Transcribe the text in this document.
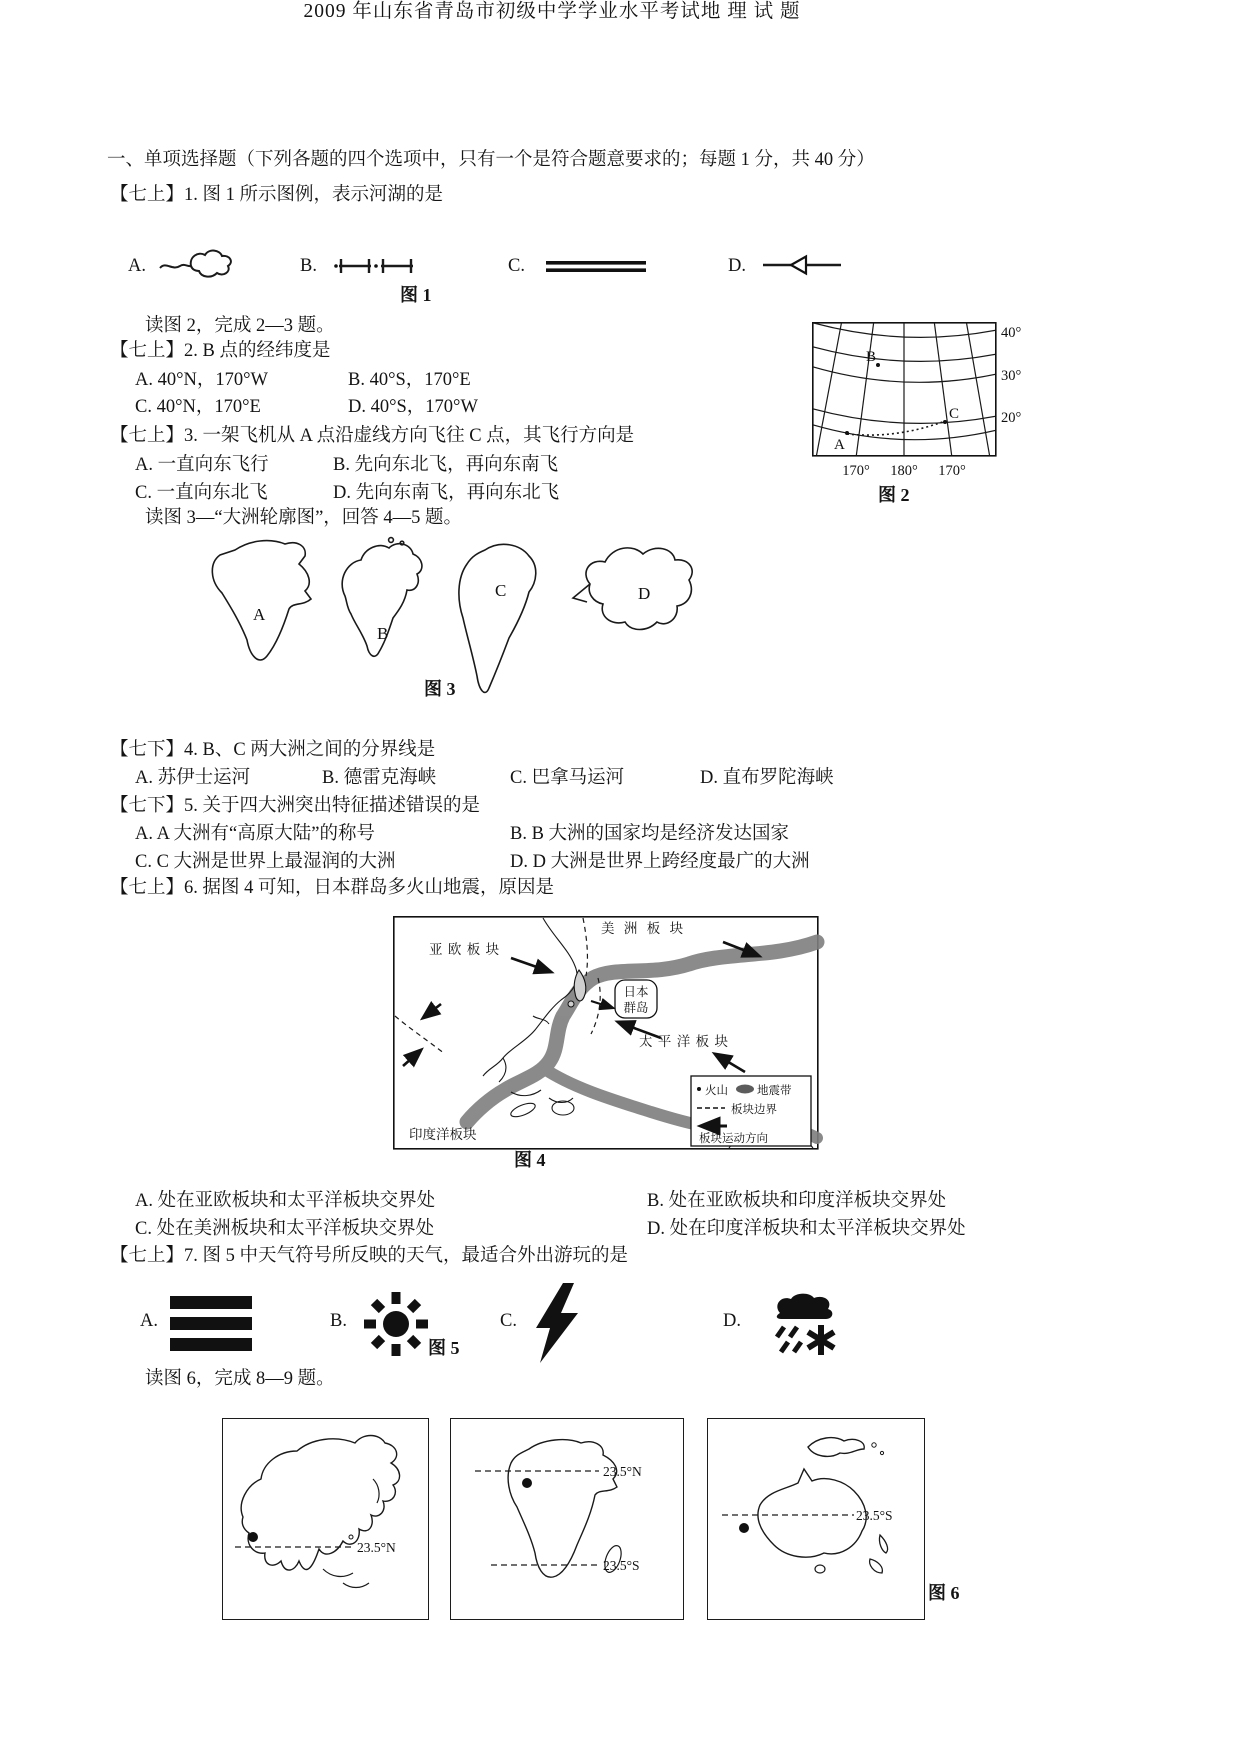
2009 年山东省青岛市初级中学学业水平考试地 理 试 题
一、单项选择题（下列各题的四个选项中，只有一个是符合题意要求的；每题 1 分，共 40 分）
【七上】1. 图 1 所示图例，表示河湖的是
A.	B.	C.	D.
图 1
读图 2，完成 2—3 题。
【七上】2. B 点的经纬度是
A. 40°N，170°W	B. 40°S，170°E
C. 40°N，170°E	D. 40°S，170°W
【七上】3. 一架飞机从 A 点沿虚线方向飞往 C 点，其飞行方向是
A. 一直向东飞行	B. 先向东北飞，再向东南飞
C. 一直向东北飞	D. 先向东南飞，再向东北飞
B
A
C
40°
30°
20°
170° 180° 170°
图 2
读图 3—“大洲轮廓图”，回答 4—5 题。
A
B
C	D
图 3
【七下】4. B、C 两大洲之间的分界线是
A. 苏伊士运河	B. 德雷克海峡	C. 巴拿马运河	D. 直布罗陀海峡
【七下】5. 关于四大洲突出特征描述错误的是
A. A 大洲有“高原大陆”的称号	B. B 大洲的国家均是经济发达国家
C. C 大洲是世界上最湿润的大洲	D. D 大洲是世界上跨经度最广的大洲
【七上】6. 据图 4 可知，日本群岛多火山地震，原因是
日本
群岛
亚 欧 板 块
美 洲 板 块
太 平 洋 板 块
印度洋板块
火山	地震带
板块边界
板块运动方向
图 4
A. 处在亚欧板块和太平洋板块交界处	B. 处在亚欧板块和印度洋板块交界处
C. 处在美洲板块和太平洋板块交界处	D. 处在印度洋板块和太平洋板块交界处
【七上】7. 图 5 中天气符号所反映的天气，最适合外出游玩的是
A.	B.
图 5
C.	D.
读图 6，完成 8—9 题。
23.5°N
23.5°N
23.5°S
23.5°S
图 6
